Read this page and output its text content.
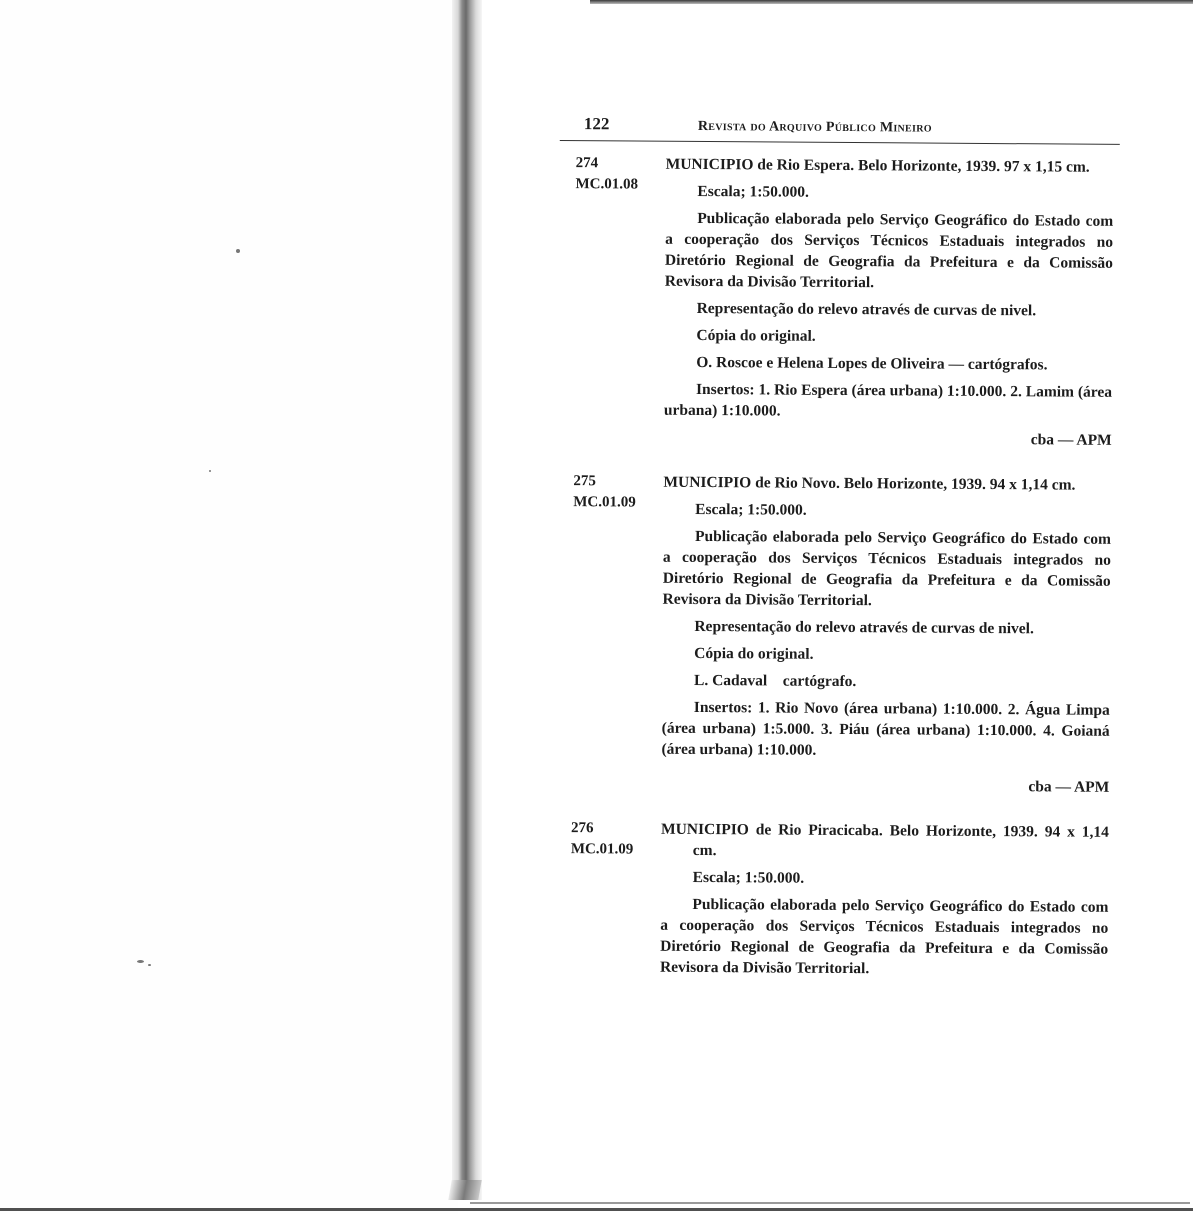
122	Revista do Arquivo Público Mineiro
274
MC.01.08

MUNICIPIO de Rio Espera. Belo Horizonte, 1939. 97 x 1,15 cm.

Escala; 1:50.000.

Publicação elaborada pelo Serviço Geográfico do Estado com a cooperação dos Serviços Técnicos Estaduais integrados no Diretório Regional de Geografia da Prefeitura e da Comissão Revisora da Divisão Territorial.

Representação do relevo através de curvas de nivel.

Cópia do original.

O. Roscoe e Helena Lopes de Oliveira — cartógrafos.

Insertos: 1. Rio Espera (área urbana) 1:10.000. 2. Lamim (área urbana) 1:10.000.

cba — APM

275
MC.01.09

MUNICIPIO de Rio Novo. Belo Horizonte, 1939. 94 x 1,14 cm.

Escala; 1:50.000.

Publicação elaborada pelo Serviço Geográfico do Estado com a cooperação dos Serviços Técnicos Estaduais integrados no Diretório Regional de Geografia da Prefeitura e da Comissão Revisora da Divisão Territorial.

Representação do relevo através de curvas de nivel.

Cópia do original.

L. Cadaval    cartógrafo.

Insertos: 1. Rio Novo (área urbana) 1:10.000. 2. Água Limpa (área urbana) 1:5.000. 3. Piáu (área urbana) 1:10.000. 4. Goianá (área urbana) 1:10.000.

cba — APM

276
MC.01.09

MUNICIPIO de Rio Piracicaba. Belo Horizonte, 1939. 94 x 1,14 cm.

Escala; 1:50.000.

Publicação elaborada pelo Serviço Geográfico do Estado com a cooperação dos Serviços Técnicos Estaduais integrados no Diretório Regional de Geografia da Prefeitura e da Comissão Revisora da Divisão Territorial.
